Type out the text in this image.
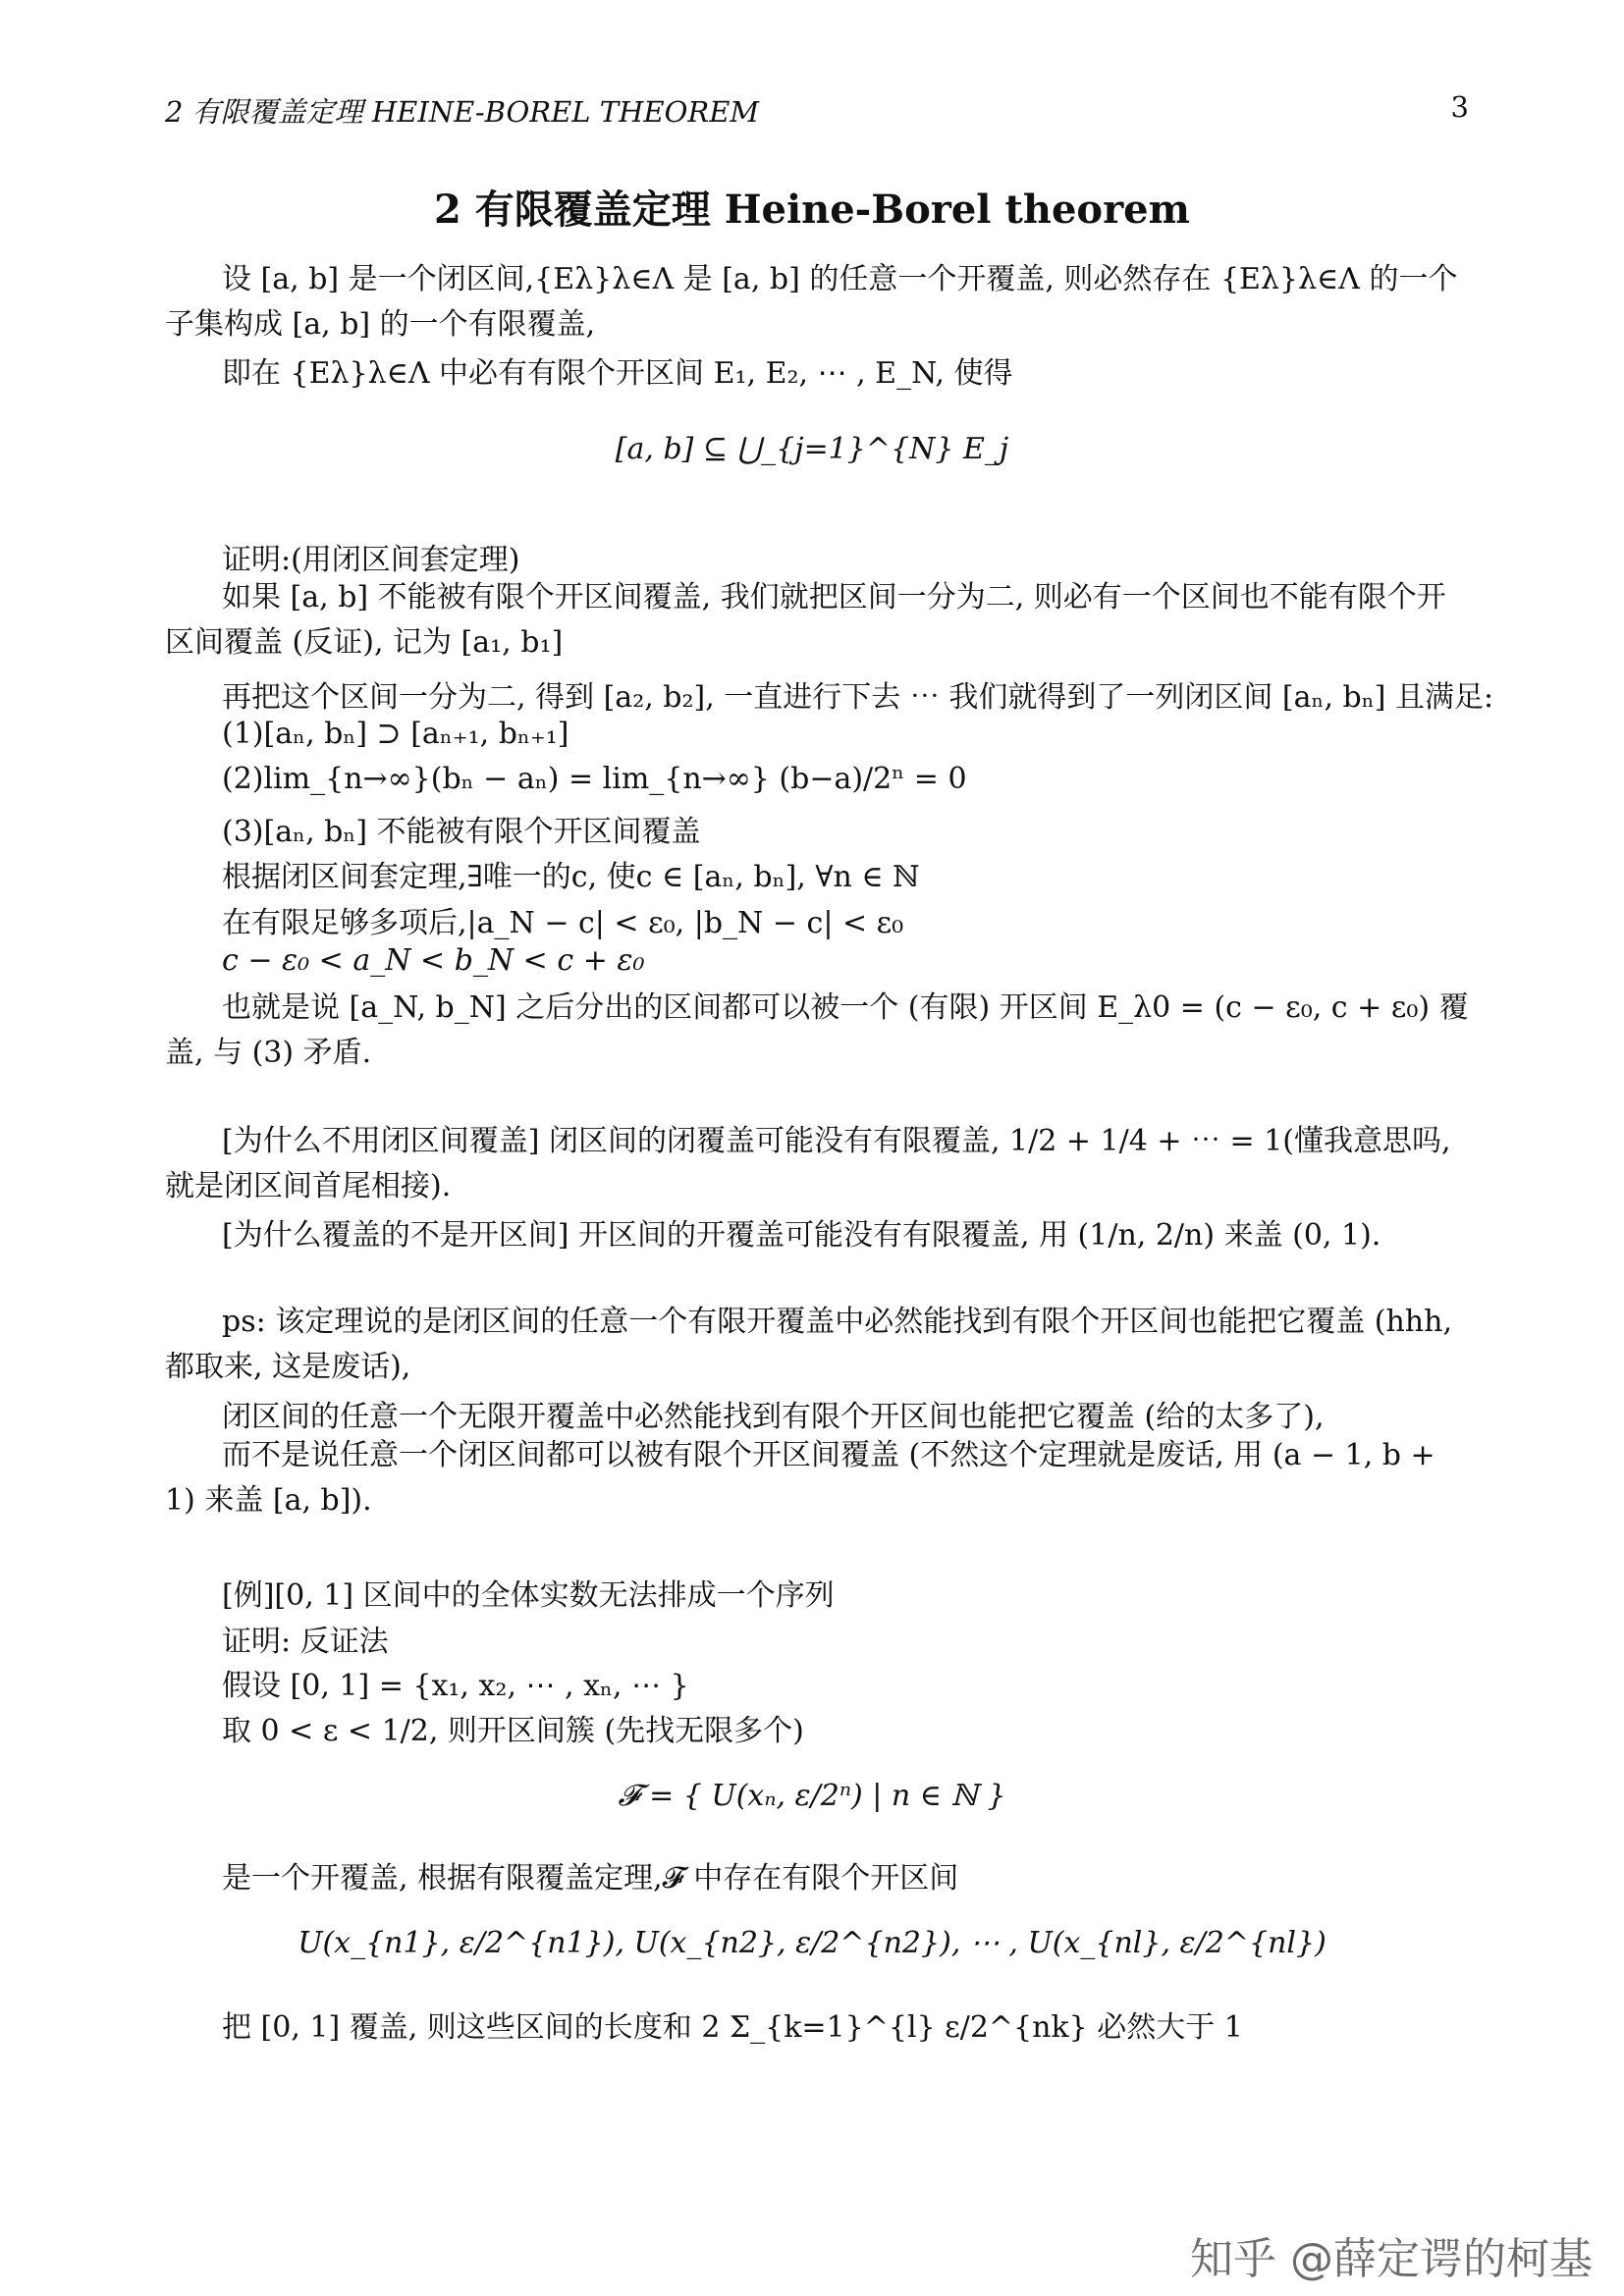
2 有限覆盖定理 HEINE-BOREL THEOREM	3
2 有限覆盖定理 Heine-Borel theorem
设 [a, b] 是一个闭区间,{Eλ}λ∈Λ 是 [a, b] 的任意一个开覆盖, 则必然存在 {Eλ}λ∈Λ 的一个子集构成 [a, b] 的一个有限覆盖,
即在 {Eλ}λ∈Λ 中必有有限个开区间 E₁, E₂, ⋯ , E_N, 使得
[a, b] ⊆ ⋃_{j=1}^{N} E_j
证明:(用闭区间套定理)
如果 [a, b] 不能被有限个开区间覆盖, 我们就把区间一分为二, 则必有一个区间也不能有限个开区间覆盖 (反证), 记为 [a₁, b₁]
再把这个区间一分为二, 得到 [a₂, b₂], 一直进行下去 ⋯ 我们就得到了一列闭区间 [aₙ, bₙ] 且满足:
(1)[aₙ, bₙ] ⊃ [aₙ₊₁, bₙ₊₁]
(2)lim_{n→∞}(bₙ − aₙ) = lim_{n→∞} (b−a)/2ⁿ = 0
(3)[aₙ, bₙ] 不能被有限个开区间覆盖
根据闭区间套定理,∃唯一的c, 使c ∈ [aₙ, bₙ], ∀n ∈ ℕ
在有限足够多项后,|a_N − c| < ε₀, |b_N − c| < ε₀
c − ε₀ < a_N < b_N < c + ε₀
也就是说 [a_N, b_N] 之后分出的区间都可以被一个 (有限) 开区间 E_λ0 = (c − ε₀, c + ε₀) 覆盖, 与 (3) 矛盾.
[为什么不用闭区间覆盖] 闭区间的闭覆盖可能没有有限覆盖, 1/2 + 1/4 + ⋯ = 1(懂我意思吗, 就是闭区间首尾相接).
[为什么覆盖的不是开区间] 开区间的开覆盖可能没有有限覆盖, 用 (1/n, 2/n) 来盖 (0, 1).
ps: 该定理说的是闭区间的任意一个有限开覆盖中必然能找到有限个开区间也能把它覆盖 (hhh, 都取来, 这是废话),
闭区间的任意一个无限开覆盖中必然能找到有限个开区间也能把它覆盖 (给的太多了),
而不是说任意一个闭区间都可以被有限个开区间覆盖 (不然这个定理就是废话, 用 (a − 1, b + 1) 来盖 [a, b]).
[例][0, 1] 区间中的全体实数无法排成一个序列
证明: 反证法
假设 [0, 1] = {x₁, x₂, ⋯ , xₙ, ⋯ }
取 0 < ε < 1/2, 则开区间簇 (先找无限多个)
𝓕 = { U(xₙ, ε/2ⁿ) | n ∈ ℕ }
是一个开覆盖, 根据有限覆盖定理,𝓕 中存在有限个开区间
U(x_{n1}, ε/2^{n1}), U(x_{n2}, ε/2^{n2}), ⋯ , U(x_{nl}, ε/2^{nl})
把 [0, 1] 覆盖, 则这些区间的长度和 2 Σ_{k=1}^{l} ε/2^{nk} 必然大于 1
知乎 @薛定谔的柯基
